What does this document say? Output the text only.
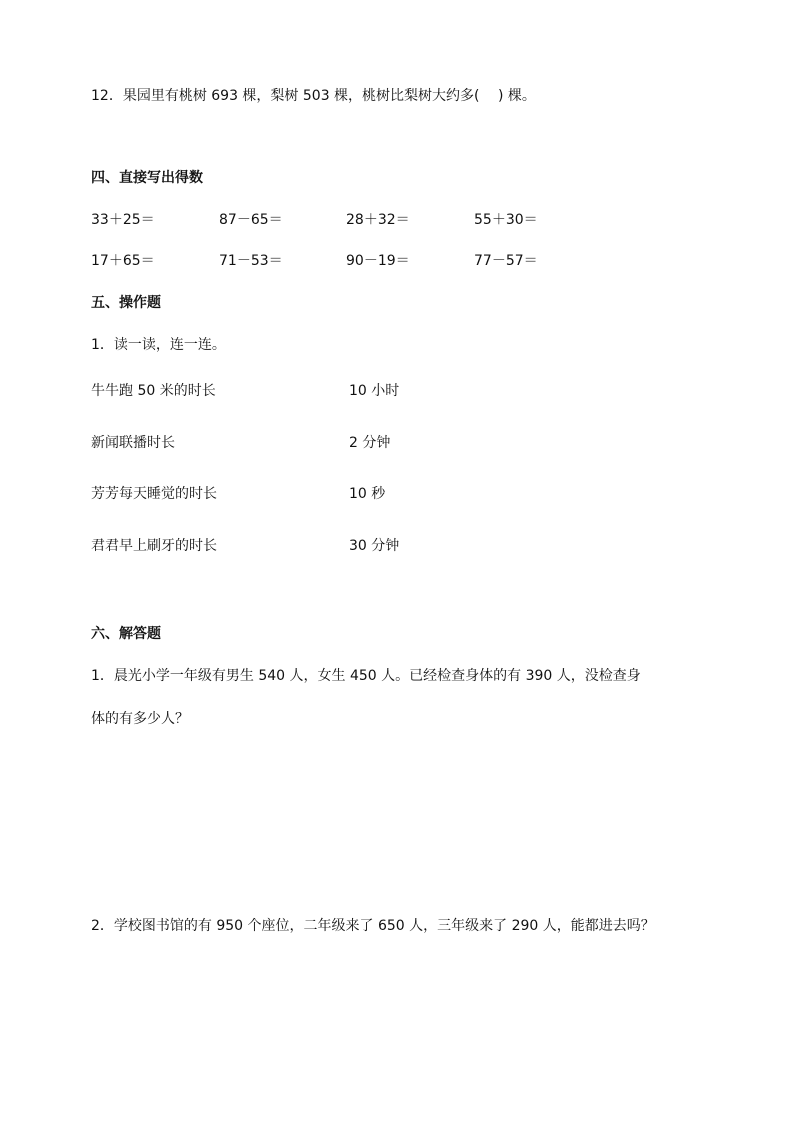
12．果园里有桃树 693 棵，梨树 503 棵，桃树比梨树大约多(　 ) 棵。
四、直接写出得数
33＋25＝	87－65＝	28＋32＝	55＋30＝
17＋65＝	71－53＝	90－19＝	77－57＝
五、操作题
1．读一读，连一连。
牛牛跑 50 米的时长	10 小时
新闻联播时长	2 分钟
芳芳每天睡觉的时长	10 秒
君君早上刷牙的时长	30 分钟
六、解答题
1．晨光小学一年级有男生 540 人，女生 450 人。已经检查身体的有 390 人，没检查身
体的有多少人？
2．学校图书馆的有 950 个座位，二年级来了 650 人，三年级来了 290 人，能都进去吗？
